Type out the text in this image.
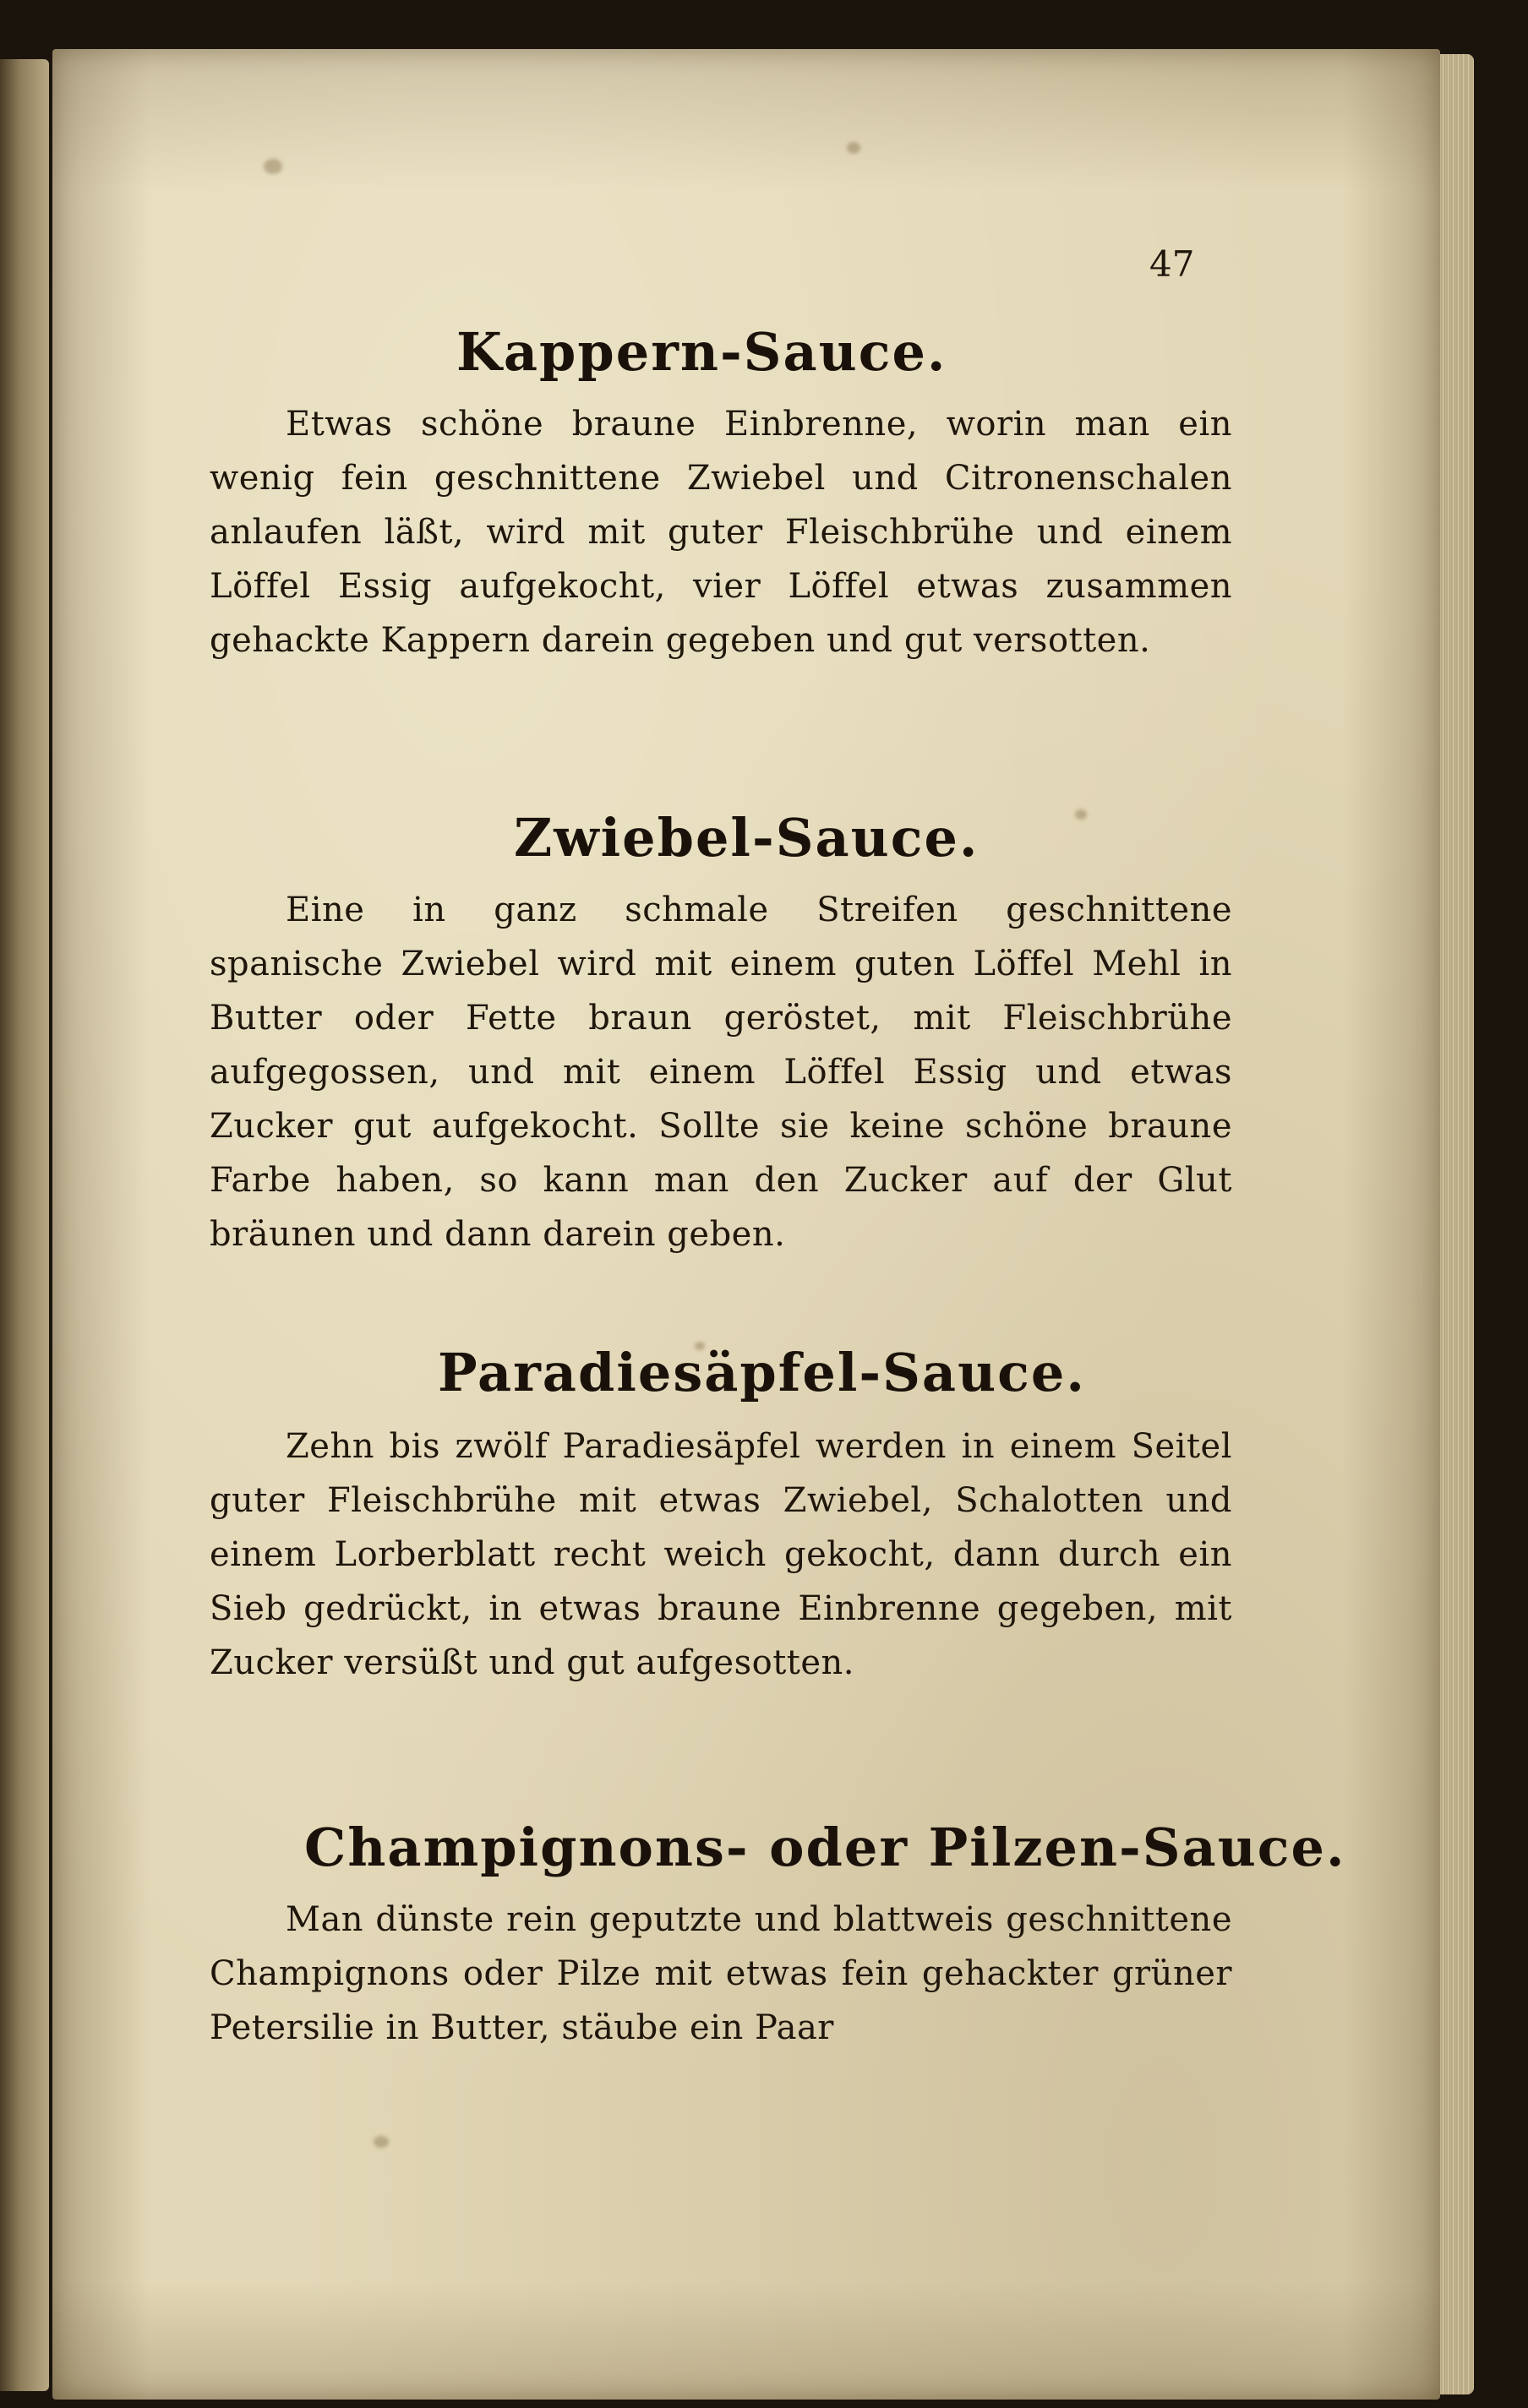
47
Kappern-Sauce.

Etwas schöne braune Einbrenne, worin man ein wenig fein geschnittene Zwiebel und Citronenschalen anlaufen läßt, wird mit guter Fleischbrühe und einem Löffel Essig aufgekocht, vier Löffel etwas zusammen gehackte Kappern darein gegeben und gut versotten.

Zwiebel-Sauce.

Eine in ganz schmale Streifen geschnittene spanische Zwiebel wird mit einem guten Löffel Mehl in Butter oder Fette braun geröstet, mit Fleischbrühe aufgegossen, und mit einem Löffel Essig und etwas Zucker gut aufgekocht. Sollte sie keine schöne braune Farbe haben, so kann man den Zucker auf der Glut bräunen und dann darein geben.

Paradiesäpfel-Sauce.

Zehn bis zwölf Paradiesäpfel werden in einem Seitel guter Fleischbrühe mit etwas Zwiebel, Schalotten und einem Lorberblatt recht weich gekocht, dann durch ein Sieb gedrückt, in etwas braune Einbrenne gegeben, mit Zucker versüßt und gut aufgesotten.

Champignons- oder Pilzen-Sauce.

Man dünste rein geputzte und blattweis geschnittene Champignons oder Pilze mit etwas fein gehackter grüner Petersilie in Butter, stäube ein Paar
